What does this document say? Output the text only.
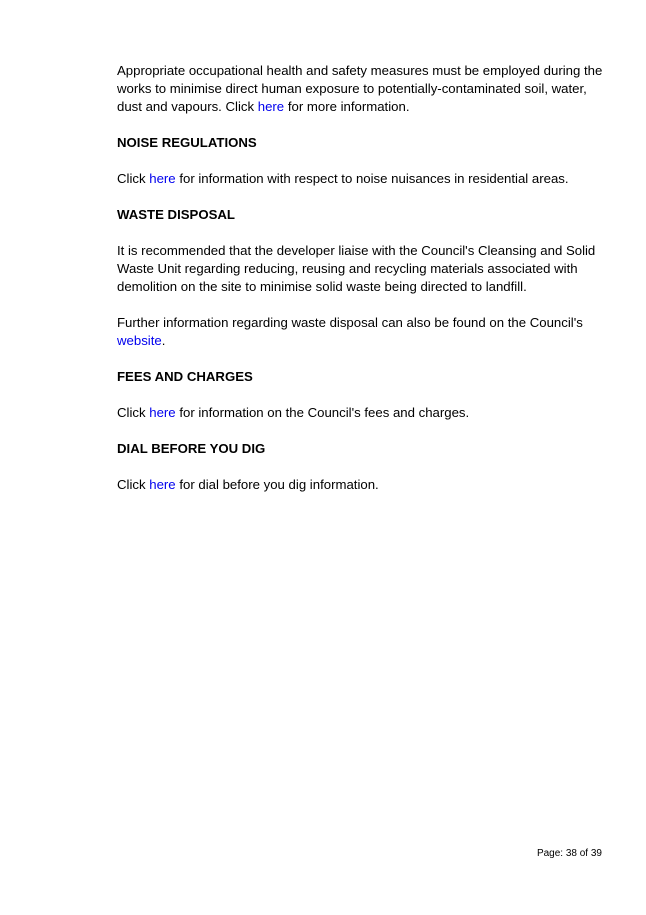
Appropriate occupational health and safety measures must be employed during the works to minimise direct human exposure to potentially-contaminated soil, water, dust and vapours. Click here for more information.

NOISE REGULATIONS

Click here for information with respect to noise nuisances in residential areas.

WASTE DISPOSAL

It is recommended that the developer liaise with the Council's Cleansing and Solid Waste Unit regarding reducing, reusing and recycling materials associated with demolition on the site to minimise solid waste being directed to landfill.

Further information regarding waste disposal can also be found on the Council's website.

FEES AND CHARGES

Click here for information on the Council's fees and charges.

DIAL BEFORE YOU DIG

Click here for dial before you dig information.

Page: 38 of 39
